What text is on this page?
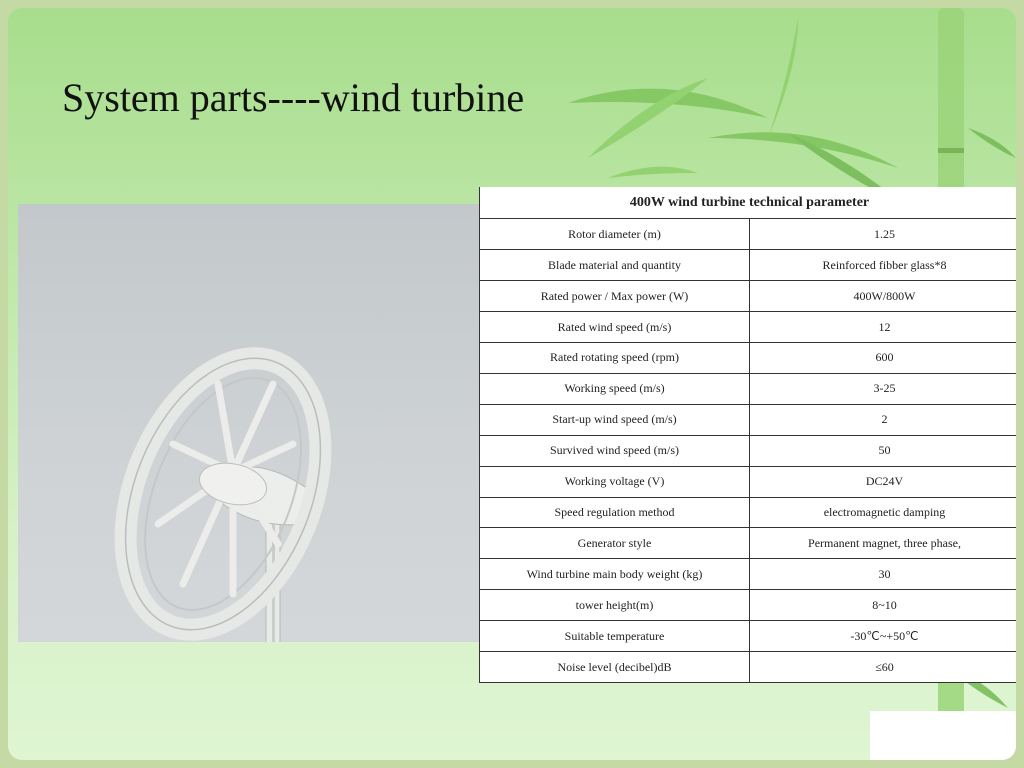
System parts----wind turbine
400W wind turbine technical parameter	
Rotor diameter (m)	1.25
Blade material and quantity	Reinforced fibber glass*8
Rated power / Max power (W)	400W/800W
Rated wind speed (m/s)	12
Rated rotating speed (rpm)	600
Working speed (m/s)	3-25
Start-up wind speed (m/s)	2
Survived wind speed (m/s)	50
Working voltage (V)	DC24V
Speed regulation method	electromagnetic damping
Generator style	Permanent magnet, three phase,
Wind turbine main body weight (kg)	30
tower height(m)	8~10
Suitable temperature	-30℃~+50℃
Noise level (decibel)dB	≤60
